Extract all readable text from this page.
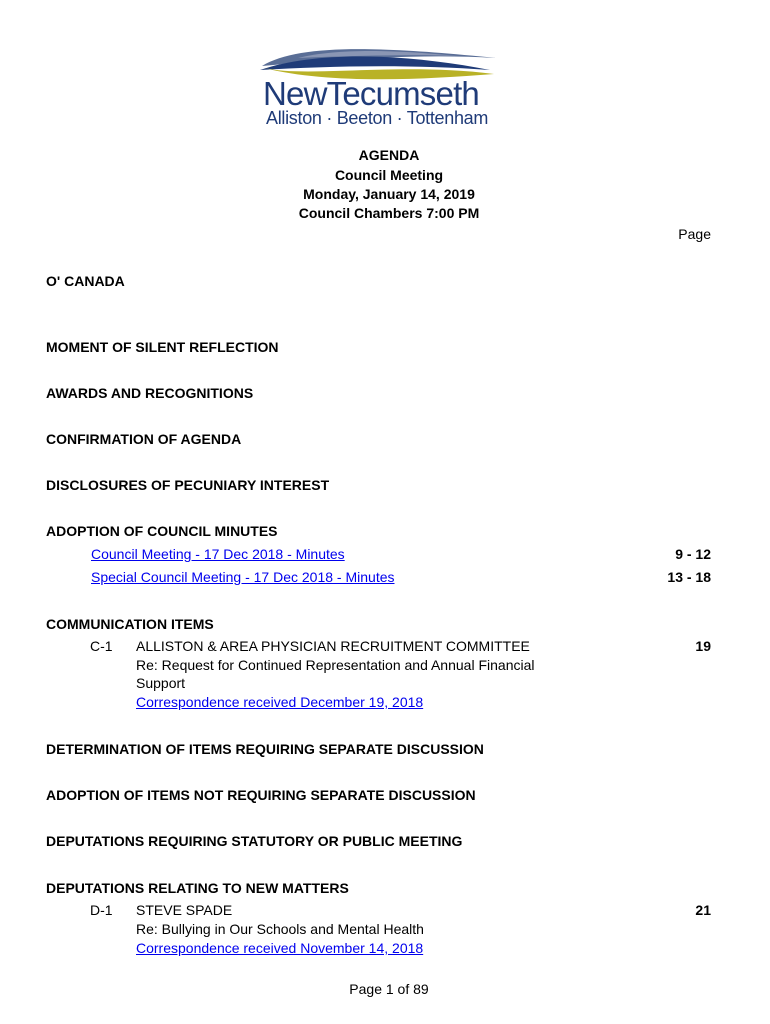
NewTecumseth
Alliston · Beeton · Tottenham
AGENDA
Council Meeting
Monday, January 14, 2019
Council Chambers 7:00 PM
Page
O' CANADA
MOMENT OF SILENT REFLECTION
AWARDS AND RECOGNITIONS
CONFIRMATION OF AGENDA
DISCLOSURES OF PECUNIARY INTEREST
ADOPTION OF COUNCIL MINUTES
Council Meeting - 17 Dec 2018 - Minutes	9 - 12
Special Council Meeting - 17 Dec 2018 - Minutes	13 - 18
COMMUNICATION ITEMS
C-1 ALLISTON & AREA PHYSICIAN RECRUITMENT COMMITTEE	19
Re: Request for Continued Representation and Annual Financial
Support
Correspondence received December 19, 2018
DETERMINATION OF ITEMS REQUIRING SEPARATE DISCUSSION
ADOPTION OF ITEMS NOT REQUIRING SEPARATE DISCUSSION
DEPUTATIONS REQUIRING STATUTORY OR PUBLIC MEETING
DEPUTATIONS RELATING TO NEW MATTERS
D-1 STEVE SPADE	21
Re: Bullying in Our Schools and Mental Health
Correspondence received November 14, 2018
Page 1 of 89
